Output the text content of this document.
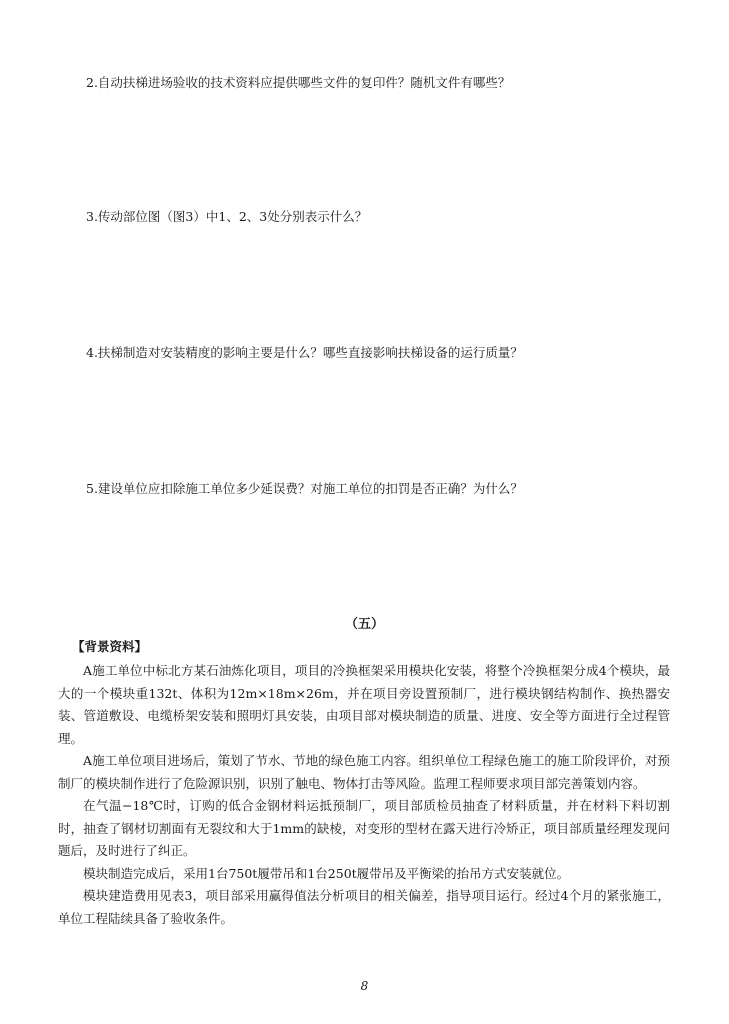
2.自动扶梯进场验收的技术资料应提供哪些文件的复印件？随机文件有哪些？

3.传动部位图（图3）中1、2、3处分别表示什么？

4.扶梯制造对安装精度的影响主要是什么？哪些直接影响扶梯设备的运行质量？

5.建设单位应扣除施工单位多少延误费？对施工单位的扣罚是否正确？为什么？

（五）
【背景资料】

A施工单位中标北方某石油炼化项目，项目的冷换框架采用模块化安装，将整个冷换框架分成4个模块，最大的一个模块重132t、体积为12m×18m×26m，并在项目旁设置预制厂，进行模块钢结构制作、换热器安装、管道敷设、电缆桥架安装和照明灯具安装，由项目部对模块制造的质量、进度、安全等方面进行全过程管理。

A施工单位项目进场后，策划了节水、节地的绿色施工内容。组织单位工程绿色施工的施工阶段评价，对预制厂的模块制作进行了危险源识别，识别了触电、物体打击等风险。监理工程师要求项目部完善策划内容。

在气温−18℃时，订购的低合金钢材料运抵预制厂，项目部质检员抽查了材料质量，并在材料下料切割时，抽查了钢材切割面有无裂纹和大于1mm的缺棱，对变形的型材在露天进行冷矫正，项目部质量经理发现问题后，及时进行了纠正。

模块制造完成后，采用1台750t履带吊和1台250t履带吊及平衡梁的抬吊方式安装就位。

模块建造费用见表3，项目部采用赢得值法分析项目的相关偏差，指导项目运行。经过4个月的紧张施工，单位工程陆续具备了验收条件。

8
